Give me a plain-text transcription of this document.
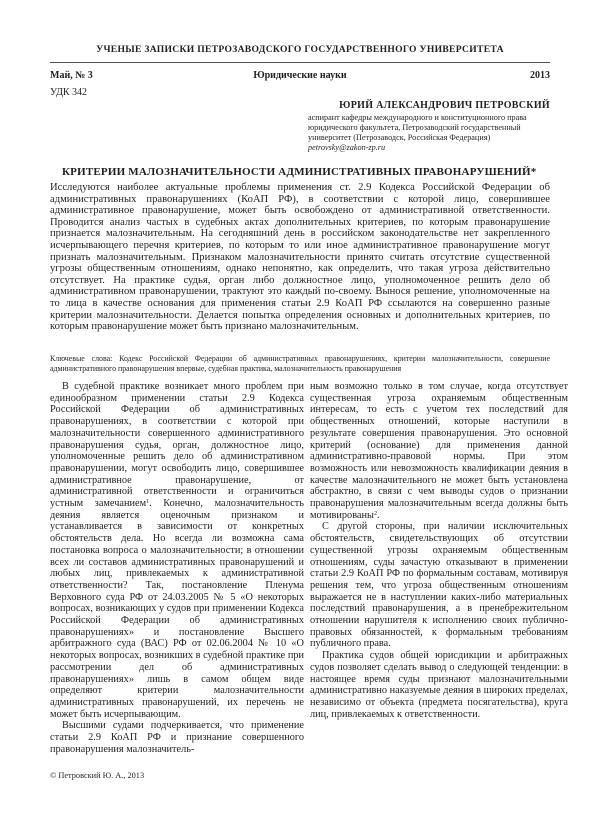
УЧЕНЫЕ ЗАПИСКИ ПЕТРОЗАВОДСКОГО ГОСУДАРСТВЕННОГО УНИВЕРСИТЕТА
Юридические науки
Май, № 3	2013
УДК 342
ЮРИЙ АЛЕКСАНДРОВИЧ ПЕТРОВСКИЙ
аспирант кафедры международного и конституционного права юридического факультета, Петрозаводский государственный университет (Петрозаводск, Российская Федерация)
petrovsky@zakon-zp.ru
КРИТЕРИИ МАЛОЗНАЧИТЕЛЬНОСТИ АДМИНИСТРАТИВНЫХ ПРАВОНАРУШЕНИЙ*
Исследуются наиболее актуальные проблемы применения ст. 2.9 Кодекса Российской Федерации об административных правонарушениях (КоАП РФ), в соответствии с которой лицо, совершившее административное правонарушение, может быть освобождено от административной ответственности. Проводится анализ частых в судебных актах дополнительных критериев, по которым правонарушение признается малозначительным. На сегодняшний день в российском законодательстве нет закрепленного исчерпывающего перечня критериев, по которым то или иное административное правонарушение могут признать малозначительным. Признаком малозначительности принято считать отсутствие существенной угрозы общественным отношениям, однако непонятно, как определить, что такая угроза действительно отсутствует. На практике судья, орган либо должностное лицо, уполномоченное решить дело об административном правонарушении, трактуют это каждый по-своему. Вынося решение, уполномоченные на то лица в качестве основания для применения статьи 2.9 КоАП РФ ссылаются на совершенно разные критерии малозначительности. Делается попытка определения основных и дополнительных критериев, по которым правонарушение может быть признано малозначительным.
Ключевые слова: Кодекс Российской Федерации об административных правонарушениях, критерии малозначительности, совершение административного правонарушения впервые, судебная практика, малозначительность правонарушения

В судебной практике возникает много проблем при единообразном применении статьи 2.9 Кодекса Российской Федерации об административных правонарушениях, в соответствии с которой при малозначительности совершенного административного правонарушения судья, орган, должностное лицо, уполномоченные решить дело об административном правонарушении, могут освободить лицо, совершившее административное правонарушение, от административной ответственности и ограничиться устным замечанием$^1$. Конечно, малозначительность деяния является оценочным признаком и устанавливается в зависимости от конкретных обстоятельств дела. Но всегда ли возможна сама постановка вопроса о малозначительности; в отношении всех ли составов административных правонарушений и любых лиц, привлекаемых к административной ответственности? Так, постановление Пленума Верховного суда РФ от 24.03.2005 № 5 «О некоторых вопросах, возникающих у судов при применении Кодекса Российской Федерации об административных правонарушениях» и постановление Высшего арбитражного суда (ВАС) РФ от 02.06.2004 № 10 «О некоторых вопросах, возникших в судебной практике при рассмотрении дел об административных правонарушениях» лишь в самом общем виде определяют критерии малозначительности административных правонарушений, их перечень не может быть исчерпывающим.

Высшими судами подчеркивается, что применение статьи 2.9 КоАП РФ и признание совершенного правонарушения малозначитель-

ным возможно только в том случае, когда отсутствует существенная угроза охраняемым общественным интересам, то есть с учетом тех последствий для общественных отношений, которые наступили в результате совершения правонарушения. Это основной критерий (основание) для применения данной административно-правовой нормы. При этом возможность или невозможность квалификации деяния в качестве малозначительного не может быть установлена абстрактно, в связи с чем выводы судов о признании правонарушения малозначительным всегда должны быть мотивированы$^2$.

С другой стороны, при наличии исключительных обстоятельств, свидетельствующих об отсутствии существенной угрозы охраняемым общественным отношениям, суды зачастую отказывают в применении статьи 2.9 КоАП РФ по формальным составам, мотивируя решения тем, что угроза общественным отношениям выражается не в наступлении каких-либо материальных последствий правонарушения, а в пренебрежительном отношении нарушителя к исполнению своих публично-правовых обязанностей, к формальным требованиям публичного права.

Практика судов общей юрисдикции и арбитражных судов позволяет сделать вывод о следующей тенденции: в настоящее время суды признают малозначительными административно наказуемые деяния в широких пределах, независимо от объекта (предмета посягательства), круга лиц, привлекаемых к ответственности.

© Петровский Ю. А., 2013
